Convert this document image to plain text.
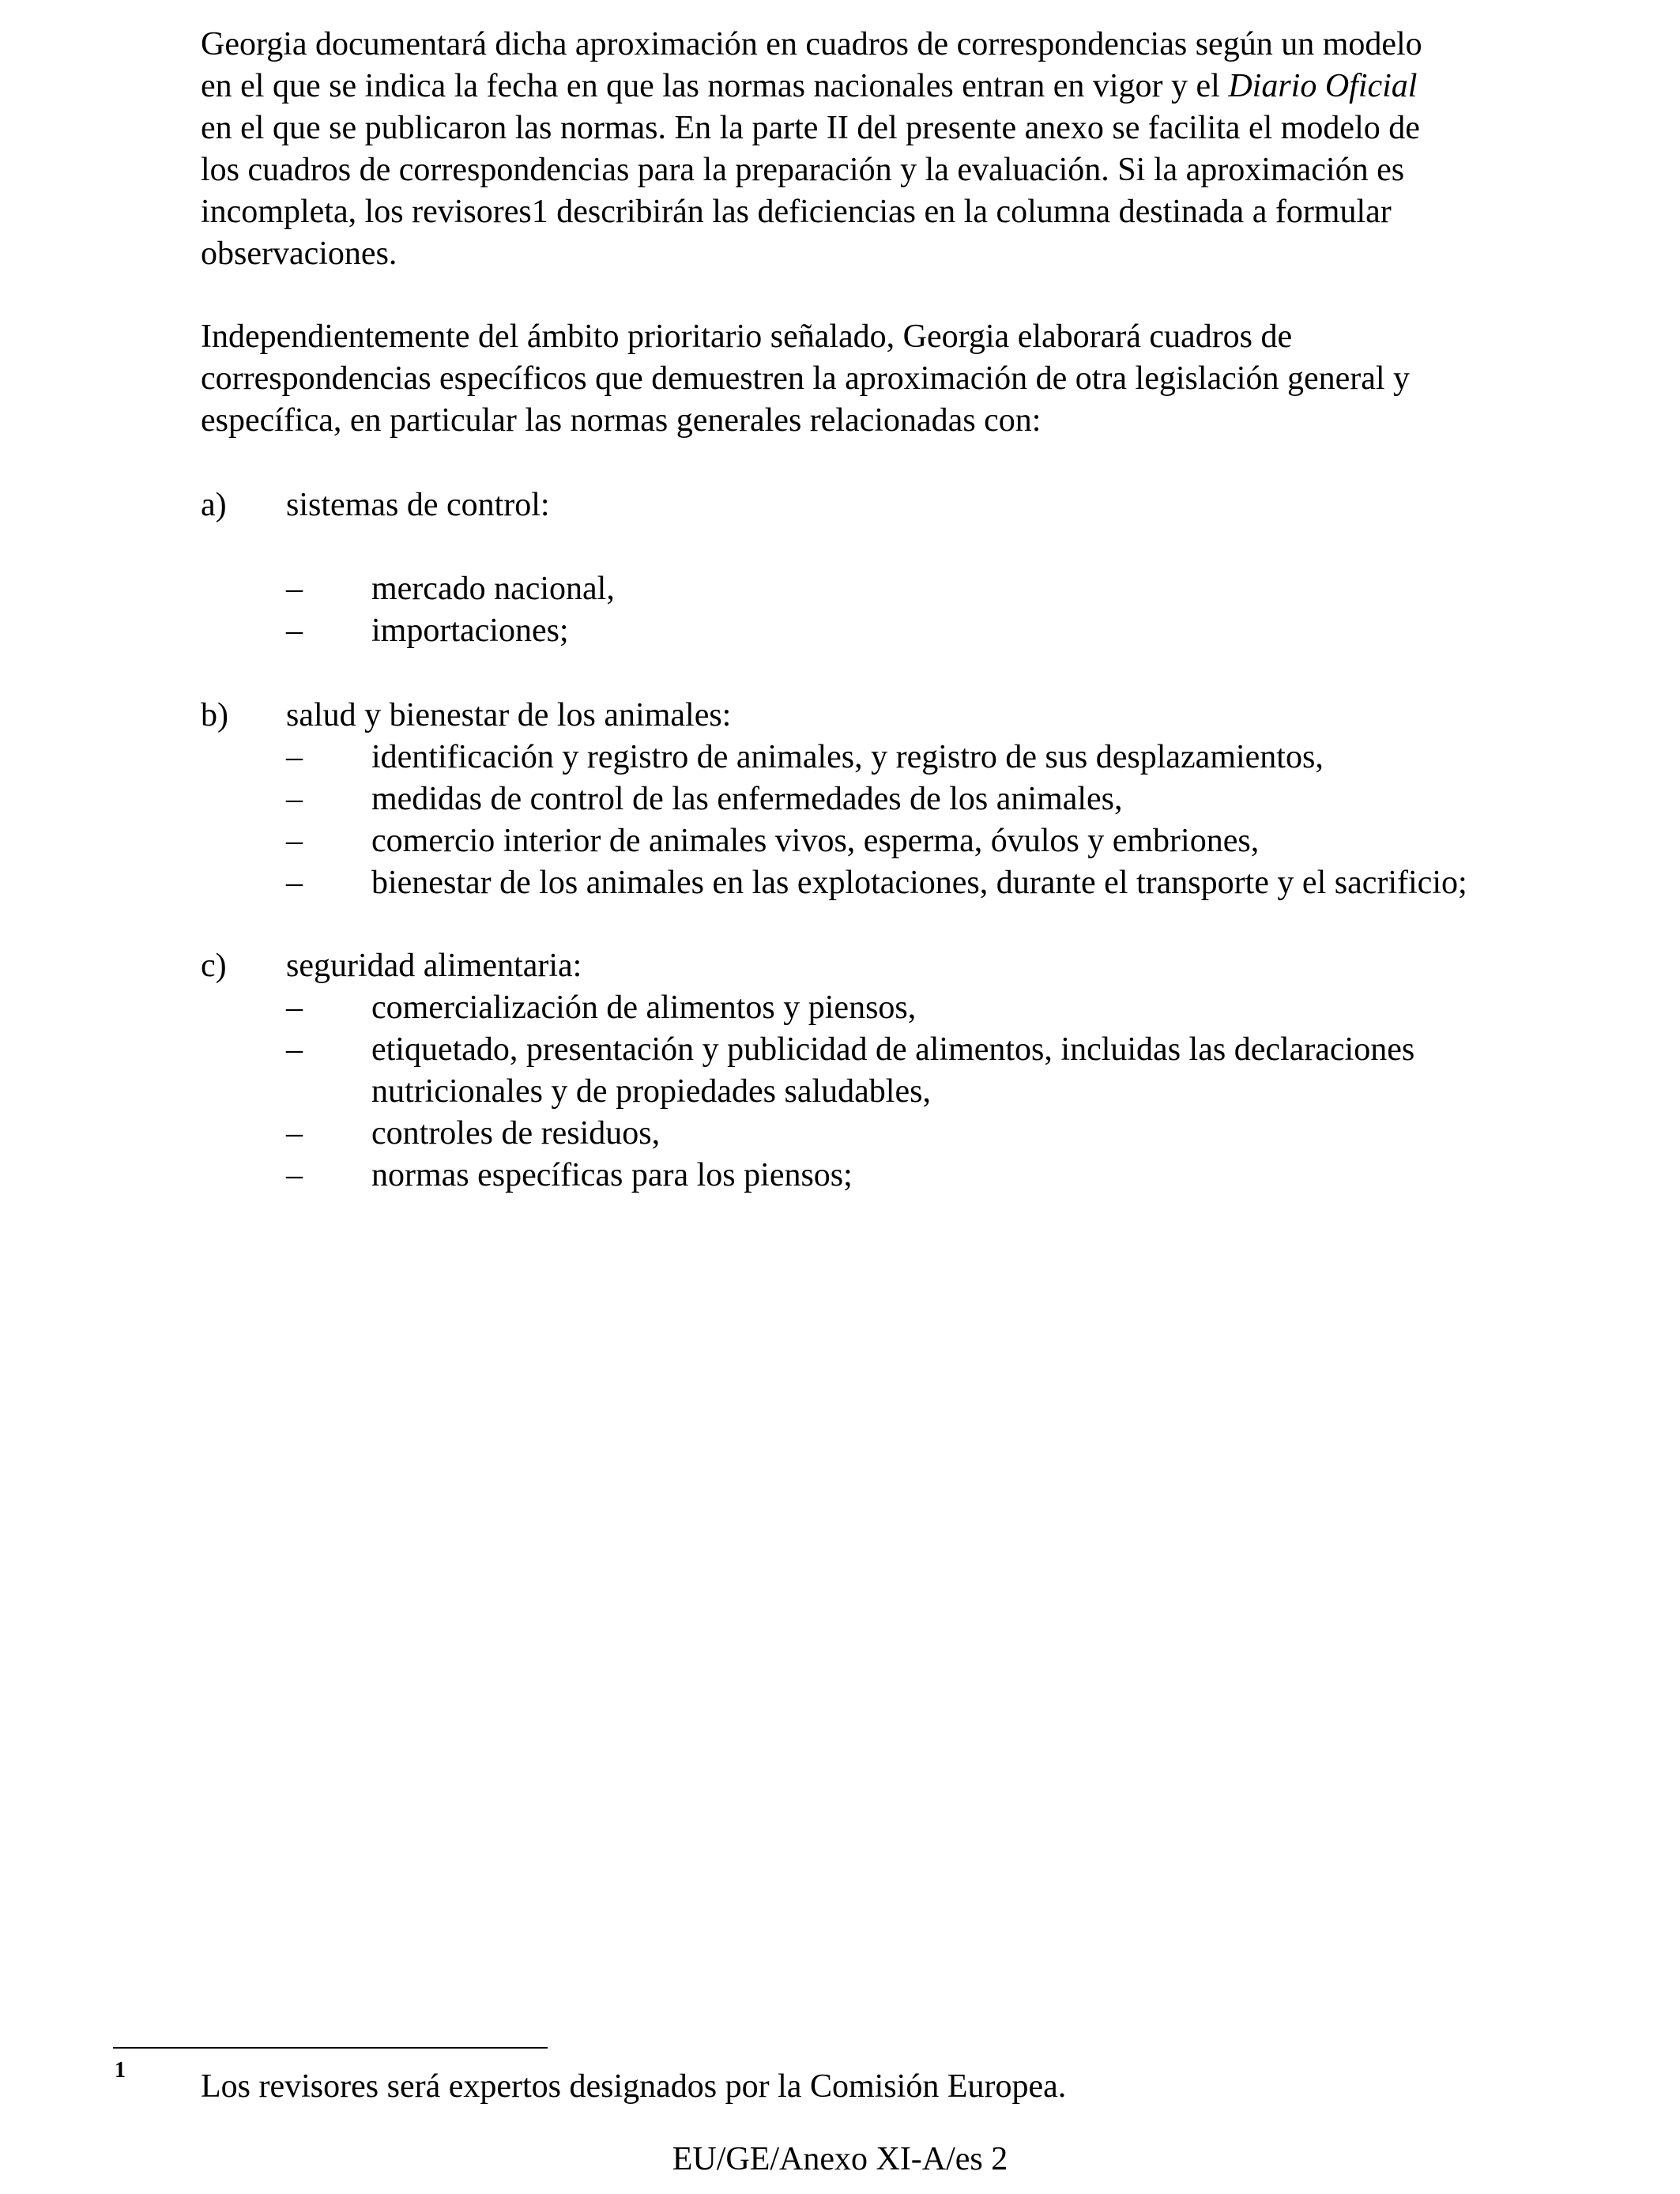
Georgia documentará dicha aproximación en cuadros de correspondencias según un modelo
en el que se indica la fecha en que las normas nacionales entran en vigor y el Diario Oficial
en el que se publicaron las normas. En la parte II del presente anexo se facilita el modelo de
los cuadros de correspondencias para la preparación y la evaluación. Si la aproximación es
incompleta, los revisores1 describirán las deficiencias en la columna destinada a formular
observaciones.

Independientemente del ámbito prioritario señalado, Georgia elaborará cuadros de
correspondencias específicos que demuestren la aproximación de otra legislación general y
específica, en particular las normas generales relacionadas con:

a) sistemas de control:
– mercado nacional,
– importaciones;
b) salud y bienestar de los animales:
– identificación y registro de animales, y registro de sus desplazamientos,
– medidas de control de las enfermedades de los animales,
– comercio interior de animales vivos, esperma, óvulos y embriones,
– bienestar de los animales en las explotaciones, durante el transporte y el sacrificio;
c) seguridad alimentaria:
– comercialización de alimentos y piensos,
– etiquetado, presentación y publicidad de alimentos, incluidas las declaraciones
nutricionales y de propiedades saludables,
– controles de residuos,
– normas específicas para los piensos;
1 Los revisores será expertos designados por la Comisión Europea.
EU/GE/Anexo XI-A/es 2
